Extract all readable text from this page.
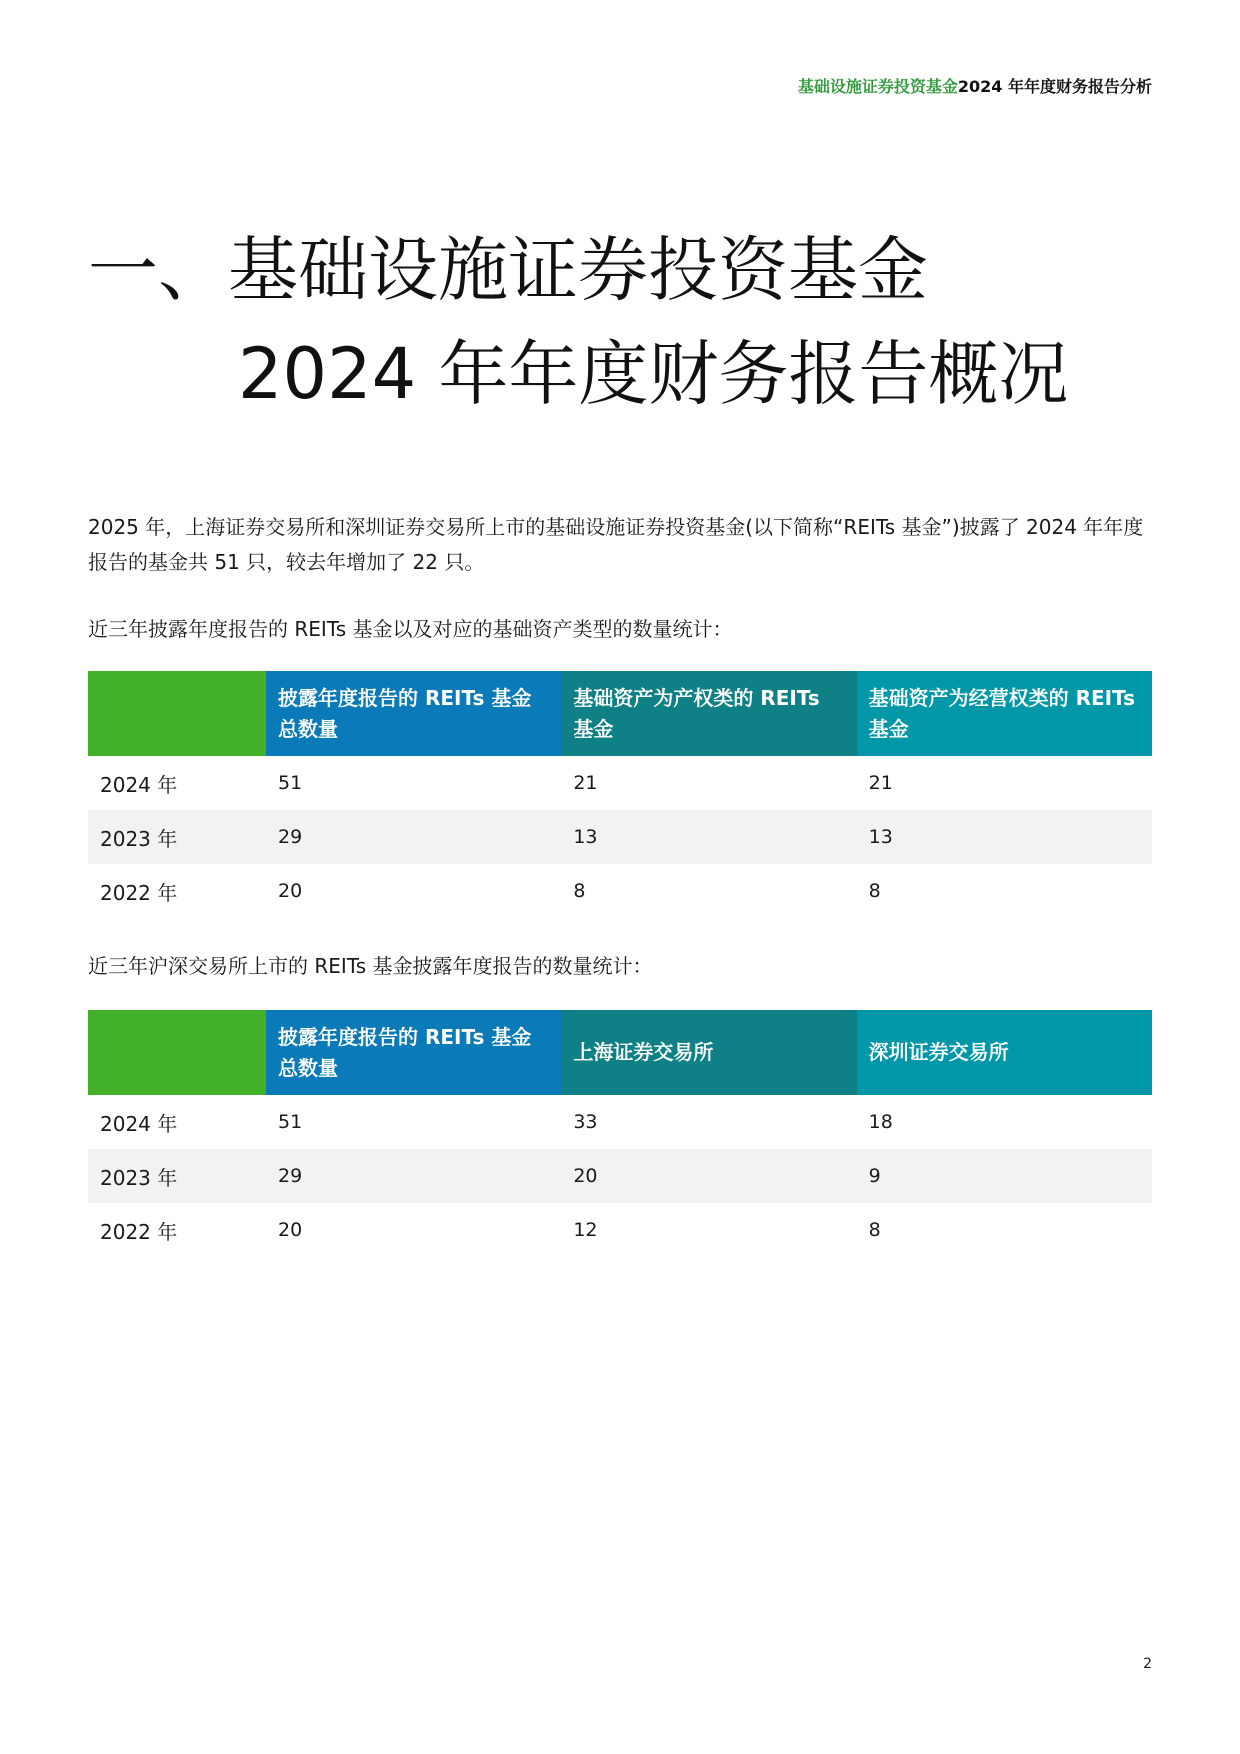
基础设施证券投资基金2024 年年度财务报告分析
一、基础设施证券投资基金
2024 年年度财务报告概况
2025 年，上海证券交易所和深圳证券交易所上市的基础设施证券投资基金(以下简称“REITs 基金”)披露了 2024 年年度报告的基金共 51 只，较去年增加了 22 只。
近三年披露年度报告的 REITs 基金以及对应的基础资产类型的数量统计：
	披露年度报告的 REITs 基金总数量	基础资产为产权类的 REITs 基金	基础资产为经营权类的 REITs 基金
2024 年	51	21	21
2023 年	29	13	13
2022 年	20	8	8
近三年沪深交易所上市的 REITs 基金披露年度报告的数量统计：
	披露年度报告的 REITs 基金总数量	上海证券交易所	深圳证券交易所
2024 年	51	33	18
2023 年	29	20	9
2022 年	20	12	8
2
